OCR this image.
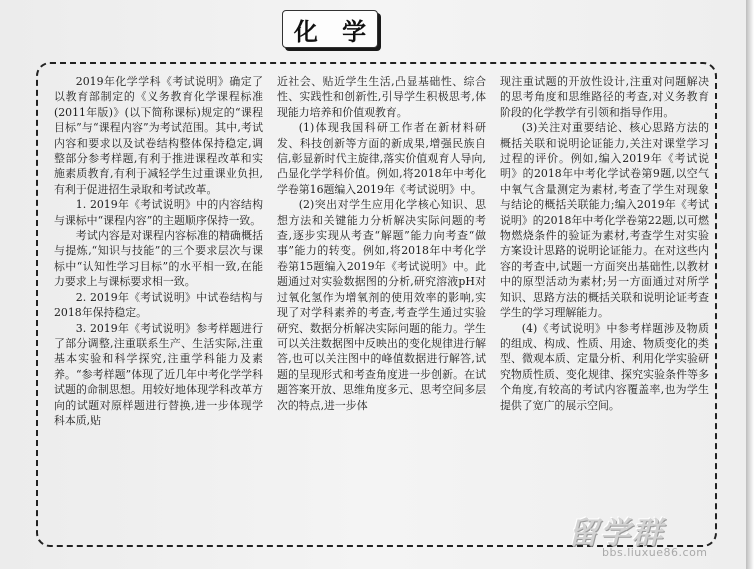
化 学

2019年化学学科《考试说明》确定了以教育部制定的《义务教育化学课程标准(2011年版)》(以下简称课标)规定的“课程目标”与“课程内容”为考试范围。其中,考试内容和要求以及试卷结构整体保持稳定,调整部分参考样题,有利于推进课程改革和实施素质教育,有利于减轻学生过重课业负担,有利于促进招生录取和考试改革。

1. 2019年《考试说明》中的内容结构与课标中“课程内容”的主题顺序保持一致。

考试内容是对课程内容标准的精确概括与提炼,“知识与技能”的三个要求层次与课标中“认知性学习目标”的水平相一致,在能力要求上与课标要求相一致。

2. 2019年《考试说明》中试卷结构与2018年保持稳定。

3. 2019年《考试说明》参考样题进行了部分调整,注重联系生产、生活实际,注重基本实验和科学探究,注重学科能力及素养。“参考样题”体现了近几年中考化学学科试题的命制思想。用较好地体现学科改革方向的试题对原样题进行替换,进一步体现学科本质,贴

近社会、贴近学生生活,凸显基础性、综合性、实践性和创新性,引导学生积极思考,体现能力培养和价值观教育。

(1)体现我国科研工作者在新材料研发、科技创新等方面的新成果,增强民族自信,彰显新时代主旋律,落实价值观育人导向,凸显化学学科价值。例如,将2018年中考化学卷第16题编入2019年《考试说明》中。

(2)突出对学生应用化学核心知识、思想方法和关键能力分析解决实际问题的考查,逐步实现从考查“解题”能力向考查“做事”能力的转变。例如,将2018年中考化学卷第15题编入2019年《考试说明》中。此题通过对实验数据图的分析,研究溶液pH对过氧化氢作为增氧剂的使用效率的影响,实现了对学科素养的考查,考查学生通过实验研究、数据分析解决实际问题的能力。学生可以关注数据图中反映出的变化规律进行解答,也可以关注图中的峰值数据进行解答,试题的呈现形式和考查角度进一步创新。在试题答案开放、思维角度多元、思考空间多层次的特点,进一步体

现注重试题的开放性设计,注重对问题解决的思考角度和思维路径的考查,对义务教育阶段的化学教学有引领和指导作用。

(3)关注对重要结论、核心思路方法的概括关联和说明论证能力,关注对课堂学习过程的评价。例如,编入2019年《考试说明》的2018年中考化学试卷第9题,以空气中氧气含量测定为素材,考查了学生对现象与结论的概括关联能力;编入2019年《考试说明》的2018年中考化学卷第22题,以可燃物燃烧条件的验证为素材,考查学生对实验方案设计思路的说明论证能力。在对这些内容的考查中,试题一方面突出基础性,以教材中的原型活动为素材;另一方面通过对所学知识、思路方法的概括关联和说明论证考查学生的学习理解能力。

(4)《考试说明》中参考样题涉及物质的组成、构成、性质、用途、物质变化的类型、微观本质、定量分析、利用化学实验研究物质性质、变化规律、探究实验条件等多个角度,有较高的考试内容覆盖率,也为学生提供了宽广的展示空间。

留学群
bbs.liuxue86.com
